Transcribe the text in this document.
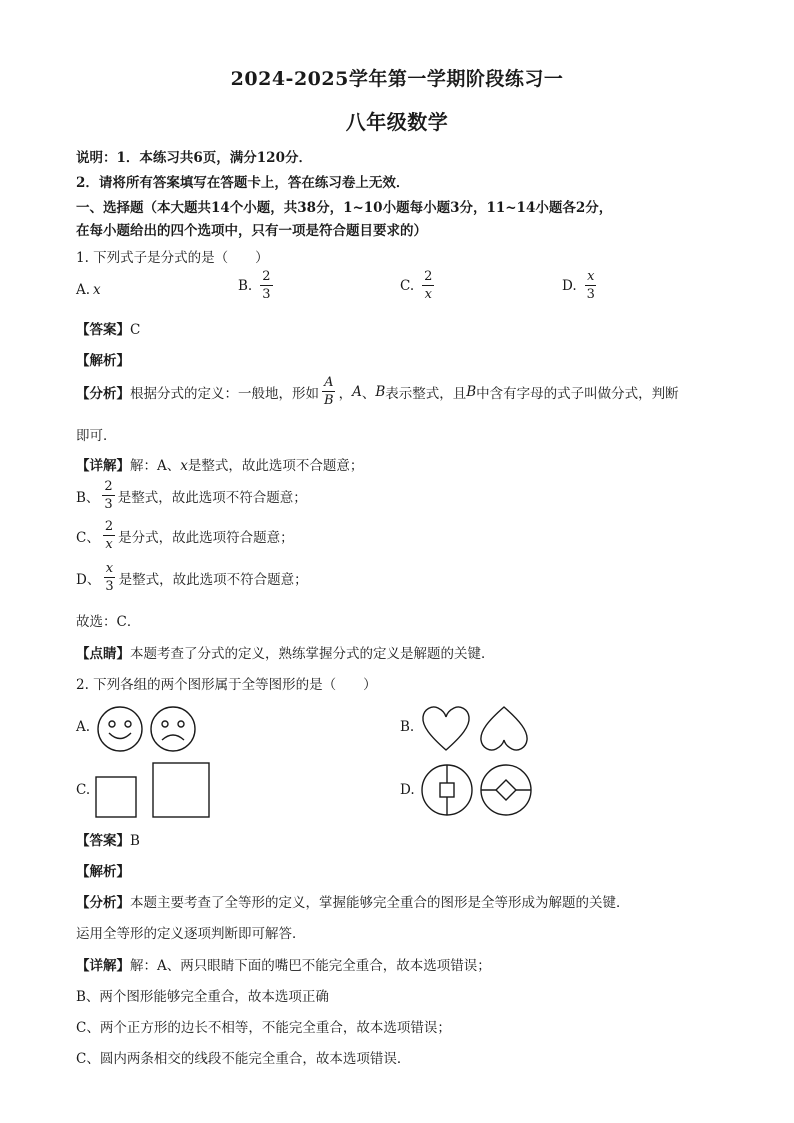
2024-2025学年第一学期阶段练习一
八年级数学
说明：1．本练习共6页，满分120分．
2．请将所有答案填写在答题卡上，答在练习卷上无效．
一、选择题（本大题共14个小题，共38分，1~10小题每小题3分，11~14小题各2分，
在每小题给出的四个选项中，只有一项是符合题目要求的）
1. 下列式子是分式的是（　　）
A. x	B. $\frac{2}{3}$	C. $\frac{2}{x}$	D. $\frac{x}{3}$
【答案】C
【解析】
【分析】 根据分式的定义：一般地，形如 $\frac{A}{B}$ ， A 、 B 表示整式，且 B 中含有字母的式子叫做分式，判断
即可．
【详解】解：A、x是整式，故此选项不合题意；
B、 $\frac{2}{3}$ 是整式，故此选项不符合题意；
C、 $\frac{2}{x}$ 是分式，故此选项符合题意；
D、 $\frac{x}{3}$ 是整式，故此选项不符合题意；
故选：C．
【点睛】本题考查了分式的定义，熟练掌握分式的定义是解题的关键．
2. 下列各组的两个图形属于全等图形的是（　　）
A.	B.
C.	D.
【答案】B
【解析】
【分析】本题主要考查了全等形的定义，掌握能够完全重合的图形是全等形成为解题的关键．
运用全等形的定义逐项判断即可解答．
【详解】解：A、两只眼睛下面的嘴巴不能完全重合，故本选项错误；
B、两个图形能够完全重合，故本选项正确
C、两个正方形的边长不相等，不能完全重合，故本选项错误；
C、圆内两条相交的线段不能完全重合，故本选项错误．
